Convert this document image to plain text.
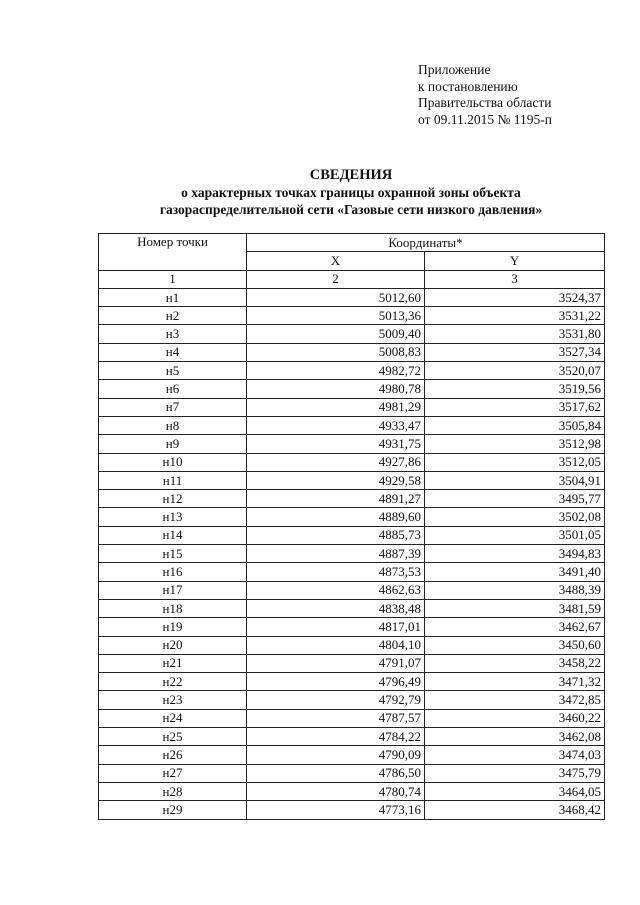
Приложение
к постановлению
Правительства области
от 09.11.2015 № 1195-п
СВЕДЕНИЯ
о характерных точках границы охранной зоны объекта
газораспределительной сети «Газовые сети низкого давления»
Номер точки	Координаты*	
	X	Y
1	2	3
н1	5012,60	3524,37
н2	5013,36	3531,22
н3	5009,40	3531,80
н4	5008,83	3527,34
н5	4982,72	3520,07
н6	4980,78	3519,56
н7	4981,29	3517,62
н8	4933,47	3505,84
н9	4931,75	3512,98
н10	4927,86	3512,05
н11	4929,58	3504,91
н12	4891,27	3495,77
н13	4889,60	3502,08
н14	4885,73	3501,05
н15	4887,39	3494,83
н16	4873,53	3491,40
н17	4862,63	3488,39
н18	4838,48	3481,59
н19	4817,01	3462,67
н20	4804,10	3450,60
н21	4791,07	3458,22
н22	4796,49	3471,32
н23	4792,79	3472,85
н24	4787,57	3460,22
н25	4784,22	3462,08
н26	4790,09	3474,03
н27	4786,50	3475,79
н28	4780,74	3464,05
н29	4773,16	3468,42
